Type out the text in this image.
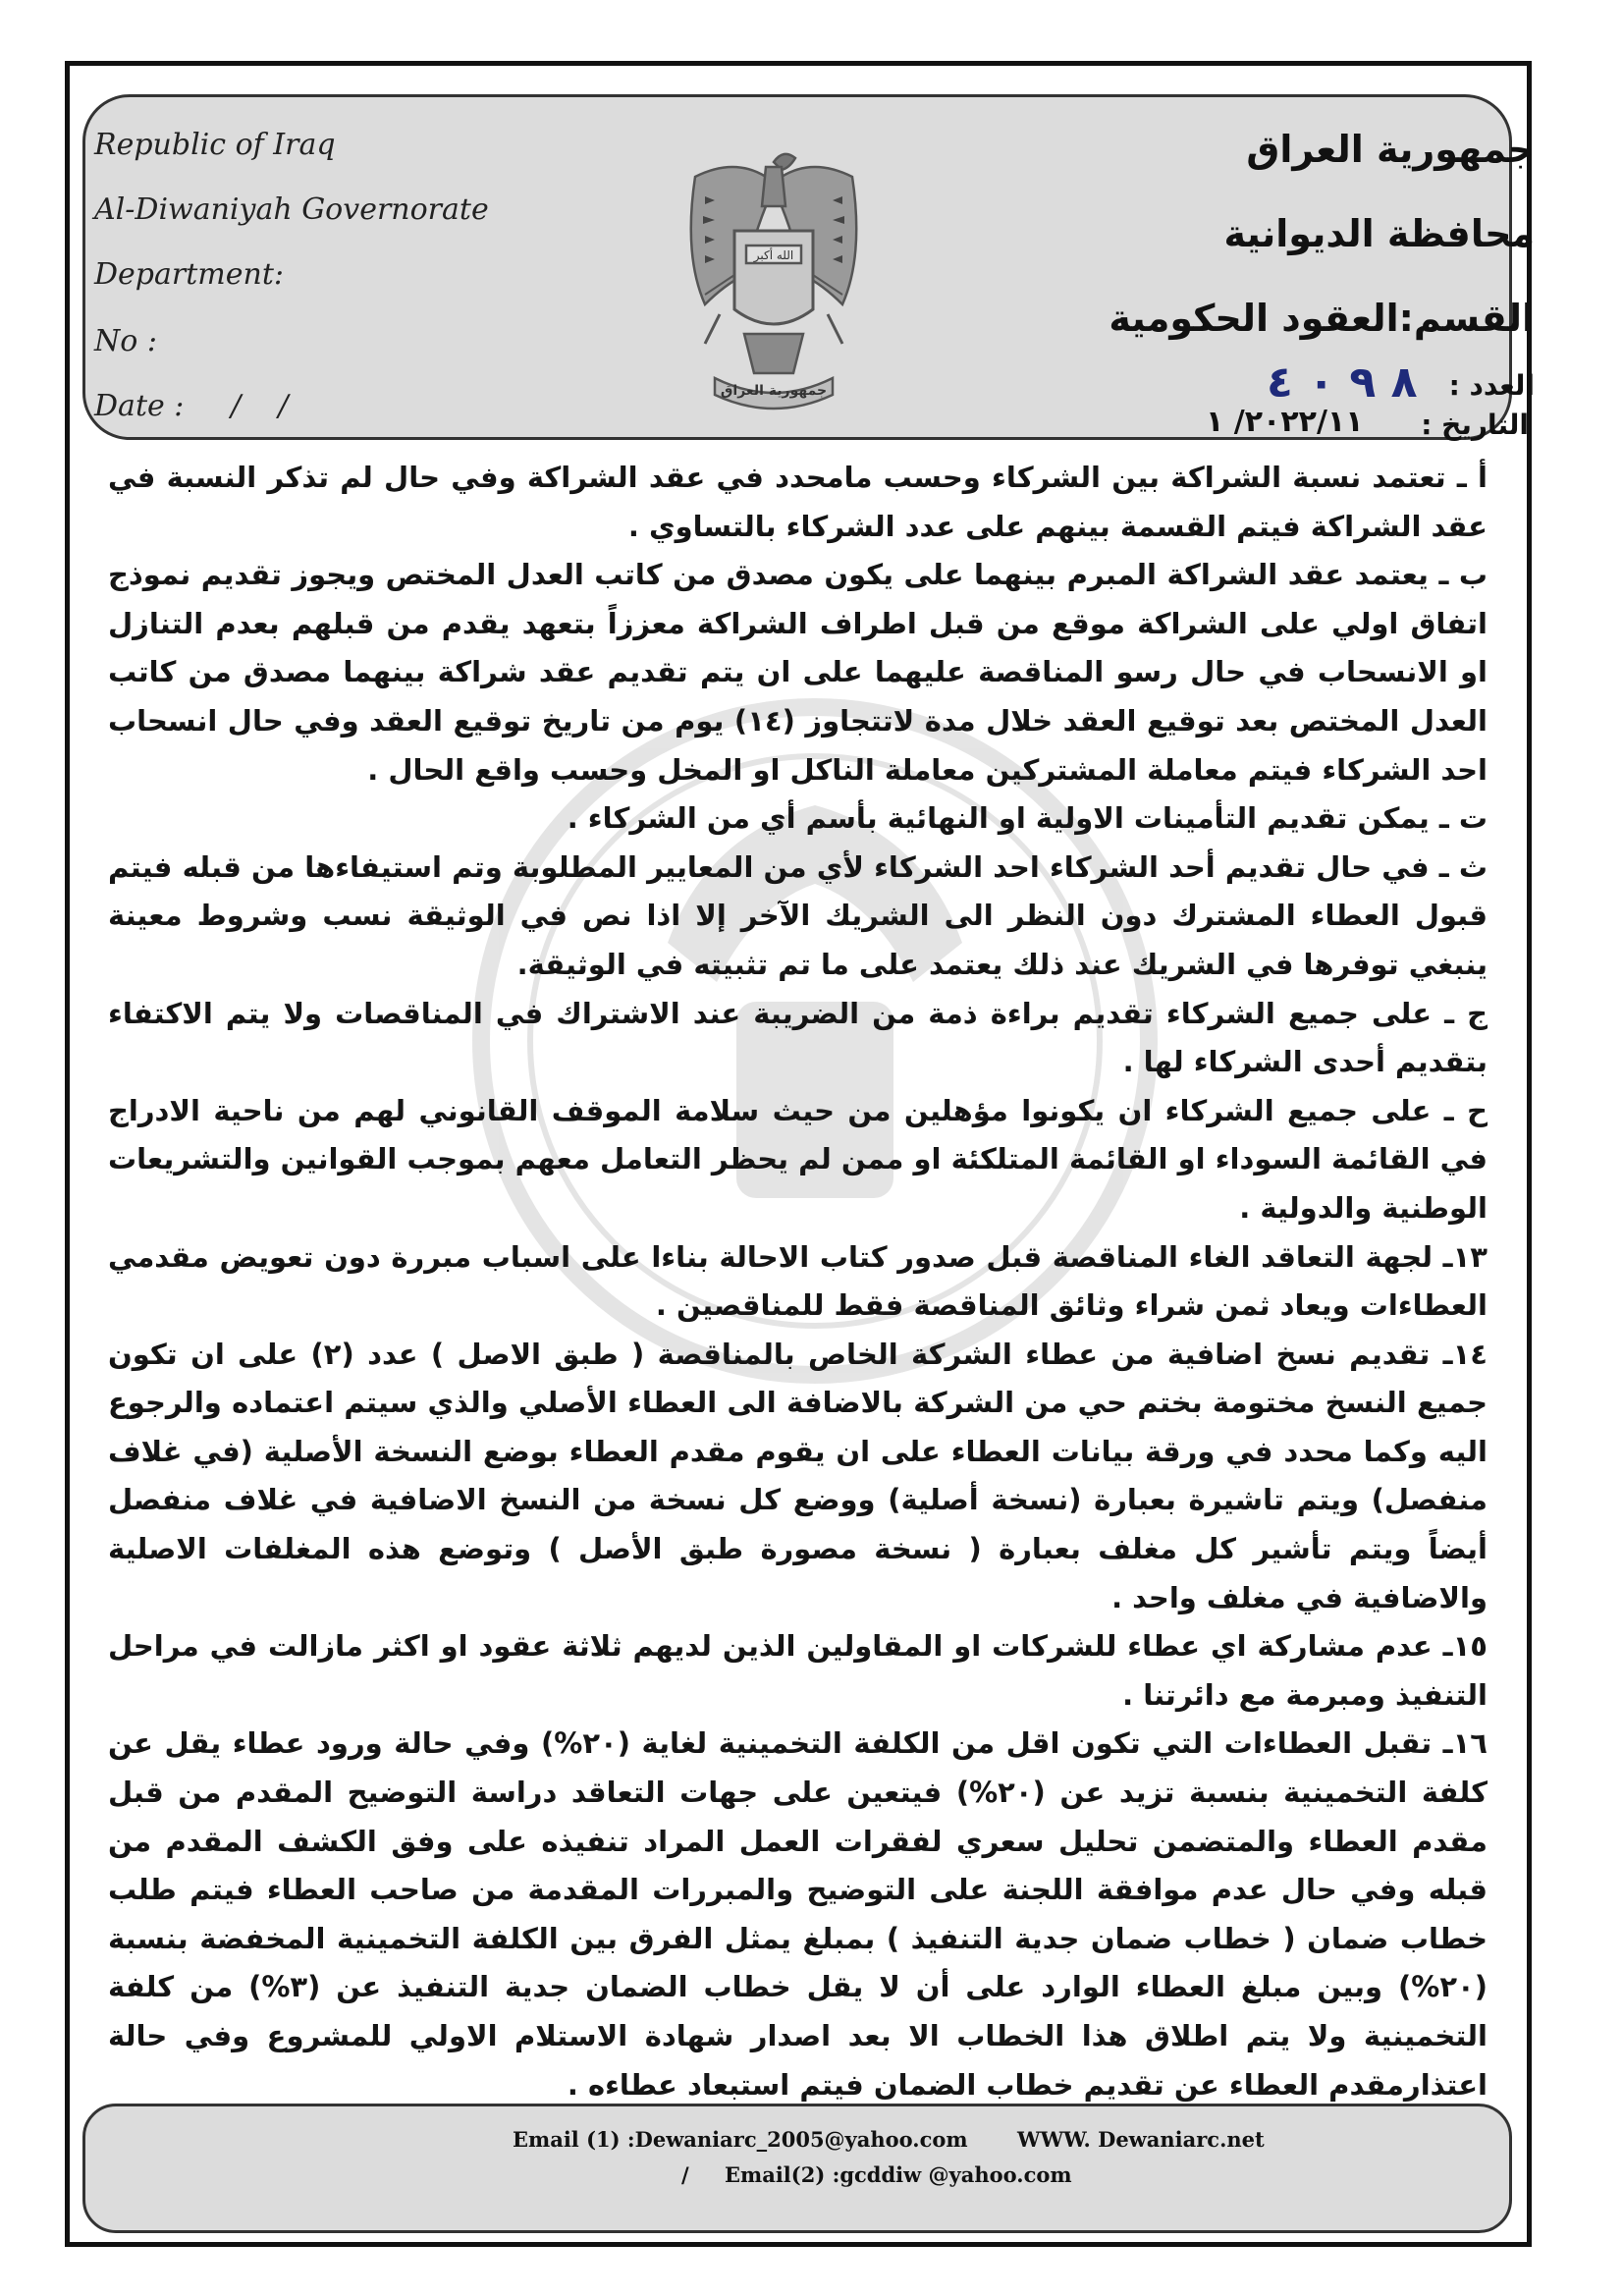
Republic of Iraq
Al-Diwaniyah Governorate
Department:
No :
Date :     /    /
الله أكبر
جمهورية العراق
جمهورية العراق
محافظة الديوانية
القسم:العقود الحكومية
العدد :
التاريخ :
٨ ٩ ٠ ٤
٢٠٢٢/١١/ ١

أ ـ تعتمد نسبة الشراكة بين الشركاء وحسب مامحدد في عقد الشراكة وفي حال لم تذكر النسبة في عقد الشراكة فيتم القسمة بينهم على عدد الشركاء بالتساوي .

ب ـ يعتمد عقد الشراكة المبرم بينهما على يكون مصدق من كاتب العدل المختص ويجوز تقديم نموذج اتفاق اولي على الشراكة موقع من قبل اطراف الشراكة معززاً بتعهد يقدم من قبلهم بعدم التنازل او الانسحاب في حال رسو المناقصة عليهما على ان يتم تقديم عقد شراكة بينهما مصدق من كاتب العدل المختص بعد توقيع العقد خلال مدة لاتتجاوز (١٤) يوم من تاريخ توقيع العقد وفي حال انسحاب احد الشركاء فيتم معاملة المشتركين معاملة الناكل او المخل وحسب واقع الحال .

ت ـ يمكن تقديم التأمينات الاولية او النهائية بأسم أي من الشركاء .

ث ـ في حال تقديم أحد الشركاء احد الشركاء لأي من المعايير المطلوبة وتم استيفاءها من قبله فيتم قبول العطاء المشترك دون النظر الى الشريك الآخر إلا اذا نص في الوثيقة نسب وشروط معينة ينبغي توفرها في الشريك عند ذلك يعتمد على ما تم تثبيته في الوثيقة.

ج ـ على جميع الشركاء تقديم براءة ذمة من الضريبة عند الاشتراك في المناقصات ولا يتم الاكتفاء بتقديم أحدى الشركاء لها .

ح ـ على جميع الشركاء ان يكونوا مؤهلين من حيث سلامة الموقف القانوني لهم من ناحية الادراج في القائمة السوداء او القائمة المتلكئة او ممن لم يحظر التعامل معهم بموجب القوانين والتشريعات الوطنية والدولية .

١٣ـ لجهة التعاقد الغاء المناقصة قبل صدور كتاب الاحالة بناءا على اسباب مبررة دون تعويض مقدمي العطاءات ويعاد ثمن شراء وثائق المناقصة فقط للمناقصين .

١٤ـ تقديم نسخ اضافية من عطاء الشركة الخاص بالمناقصة ( طبق الاصل ) عدد (٢) على ان تكون جميع النسخ مختومة بختم حي من الشركة بالاضافة الى العطاء الأصلي والذي سيتم اعتماده والرجوع اليه وكما محدد في ورقة بيانات العطاء على ان يقوم مقدم العطاء بوضع النسخة الأصلية (في غلاف منفصل) ويتم تاشيرة بعبارة (نسخة أصلية) ووضع كل نسخة من النسخ الاضافية في غلاف منفصل أيضاً ويتم تأشير كل مغلف بعبارة ( نسخة مصورة طبق الأصل ) وتوضع هذه المغلفات الاصلية والاضافية في مغلف واحد .

١٥ـ عدم مشاركة اي عطاء للشركات او المقاولين الذين لديهم ثلاثة عقود او اكثر مازالت في مراحل التنفيذ ومبرمة مع دائرتنا .

١٦ـ تقبل العطاءات التي تكون اقل من الكلفة التخمينية لغاية (٢٠%) وفي حالة ورود عطاء يقل عن كلفة التخمينية بنسبة تزيد عن (٢٠%) فيتعين على جهات التعاقد دراسة التوضيح المقدم من قبل مقدم العطاء والمتضمن تحليل سعري لفقرات العمل المراد تنفيذه على وفق الكشف المقدم من قبله وفي حال عدم موافقة اللجنة على التوضيح والمبررات المقدمة من صاحب العطاء فيتم طلب خطاب ضمان ( خطاب ضمان جدية التنفيذ ) بمبلغ يمثل الفرق بين الكلفة التخمينية المخفضة بنسبة (٢٠%) وبين مبلغ العطاء الوارد على أن لا يقل خطاب الضمان جدية التنفيذ عن (٣%) من كلفة التخمينية ولا يتم اطلاق هذا الخطاب الا بعد اصدار شهادة الاستلام الاولي للمشروع وفي حالة اعتذارمقدم العطاء عن تقديم خطاب الضمان فيتم استبعاد عطاءه .

Email (1) :Dewaniarc_2005@yahoo.com WWW. Dewaniarc.net
/ Email(2) :gcddiw @yahoo.com
